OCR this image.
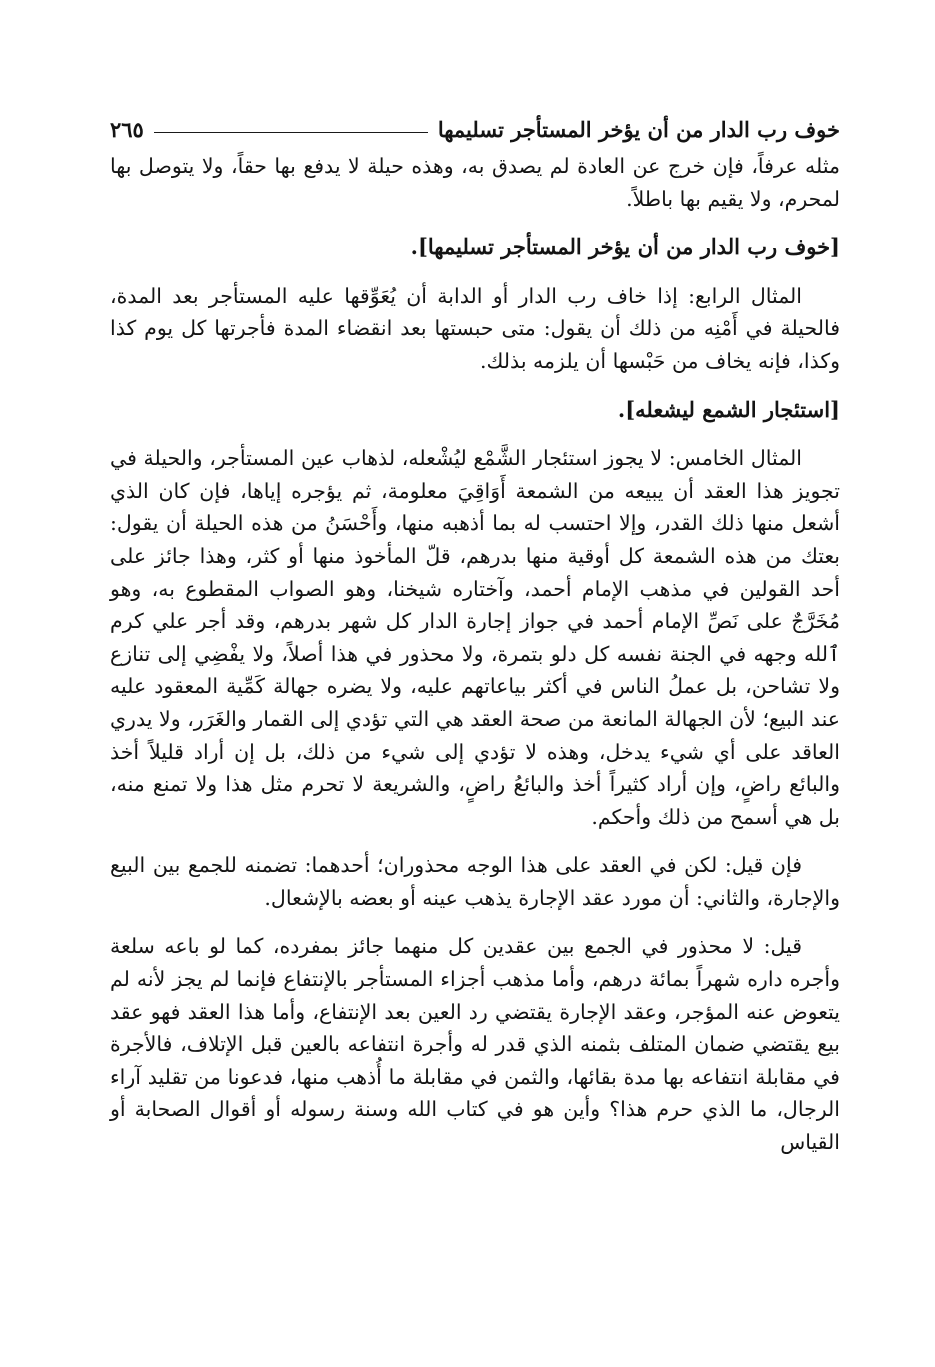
خوف رب الدار من أن يؤخر المستأجر تسليمها
٢٦٥

مثله عرفاً، فإن خرج عن العادة لم يصدق به، وهذه حيلة لا يدفع بها حقاً، ولا يتوصل بها لمحرم، ولا يقيم بها باطلاً.

[خوف رب الدار من أن يؤخر المستأجر تسليمها].

المثال الرابع: إذا خاف رب الدار أو الدابة أن يُعَوِّقها عليه المستأجر بعد المدة، فالحيلة في أَمْنِه من ذلك أن يقول: متى حبستها بعد انقضاء المدة فأجرتها كل يوم كذا وكذا، فإنه يخاف من حَبْسها أن يلزمه بذلك.

[استئجار الشمع ليشعله].

المثال الخامس: لا يجوز استئجار الشَّمْع ليُشْعله، لذهاب عين المستأجر، والحيلة في تجويز هذا العقد أن يبيعه من الشمعة أَوَاقِيَ معلومة، ثم يؤجره إياها، فإن كان الذي أشعل منها ذلك القدر، وإلا احتسب له بما أذهبه منها، وأَحْسَنُ من هذه الحيلة أن يقول: بعتك من هذه الشمعة كل أوقية منها بدرهم، قلّ المأخوذ منها أو كثر، وهذا جائز على أحد القولين في مذهب الإمام أحمد، وآختاره شيخنا، وهو الصواب المقطوع به، وهو مُخَرَّجٌ على نَصِّ الإمام أحمد في جواز إجارة الدار كل شهر بدرهم، وقد أجر علي كرم ٱلله وجهه في الجنة نفسه كل دلو بتمرة، ولا محذور في هذا أصلاً، ولا يفْضِي إلى تنازع ولا تشاحن، بل عملُ الناس في أكثر بياعاتهم عليه، ولا يضره جهالة كَمِّية المعقود عليه عند البيع؛ لأن الجهالة المانعة من صحة العقد هي التي تؤدي إلى القمار والغَرَر، ولا يدري العاقد على أي شيء يدخل، وهذه لا تؤدي إلى شيء من ذلك، بل إن أراد قليلاً أخذ والبائع راضٍ، وإن أراد كثيراً أخذ والبائعُ راضٍ، والشريعة لا تحرم مثل هذا ولا تمنع منه، بل هي أسمح من ذلك وأحكم.

فإن قيل: لكن في العقد على هذا الوجه محذوران؛ أحدهما: تضمنه للجمع بين البيع والإجارة، والثاني: أن مورد عقد الإجارة يذهب عينه أو بعضه بالإشعال.

قيل: لا محذور في الجمع بين عقدين كل منهما جائز بمفرده، كما لو باعه سلعة وأجره داره شهراً بمائة درهم، وأما مذهب أجزاء المستأجر بالإنتفاع فإنما لم يجز لأنه لم يتعوض عنه المؤجر، وعقد الإجارة يقتضي رد العين بعد الإنتفاع، وأما هذا العقد فهو عقد بيع يقتضي ضمان المتلف بثمنه الذي قدر له وأجرة انتفاعه بالعين قبل الإتلاف، فالأجرة في مقابلة انتفاعه بها مدة بقائها، والثمن في مقابلة ما أُذهب منها، فدعونا من تقليد آراء الرجال، ما الذي حرم هذا؟ وأين هو في كتاب الله وسنة رسوله أو أقوال الصحابة أو القياس
